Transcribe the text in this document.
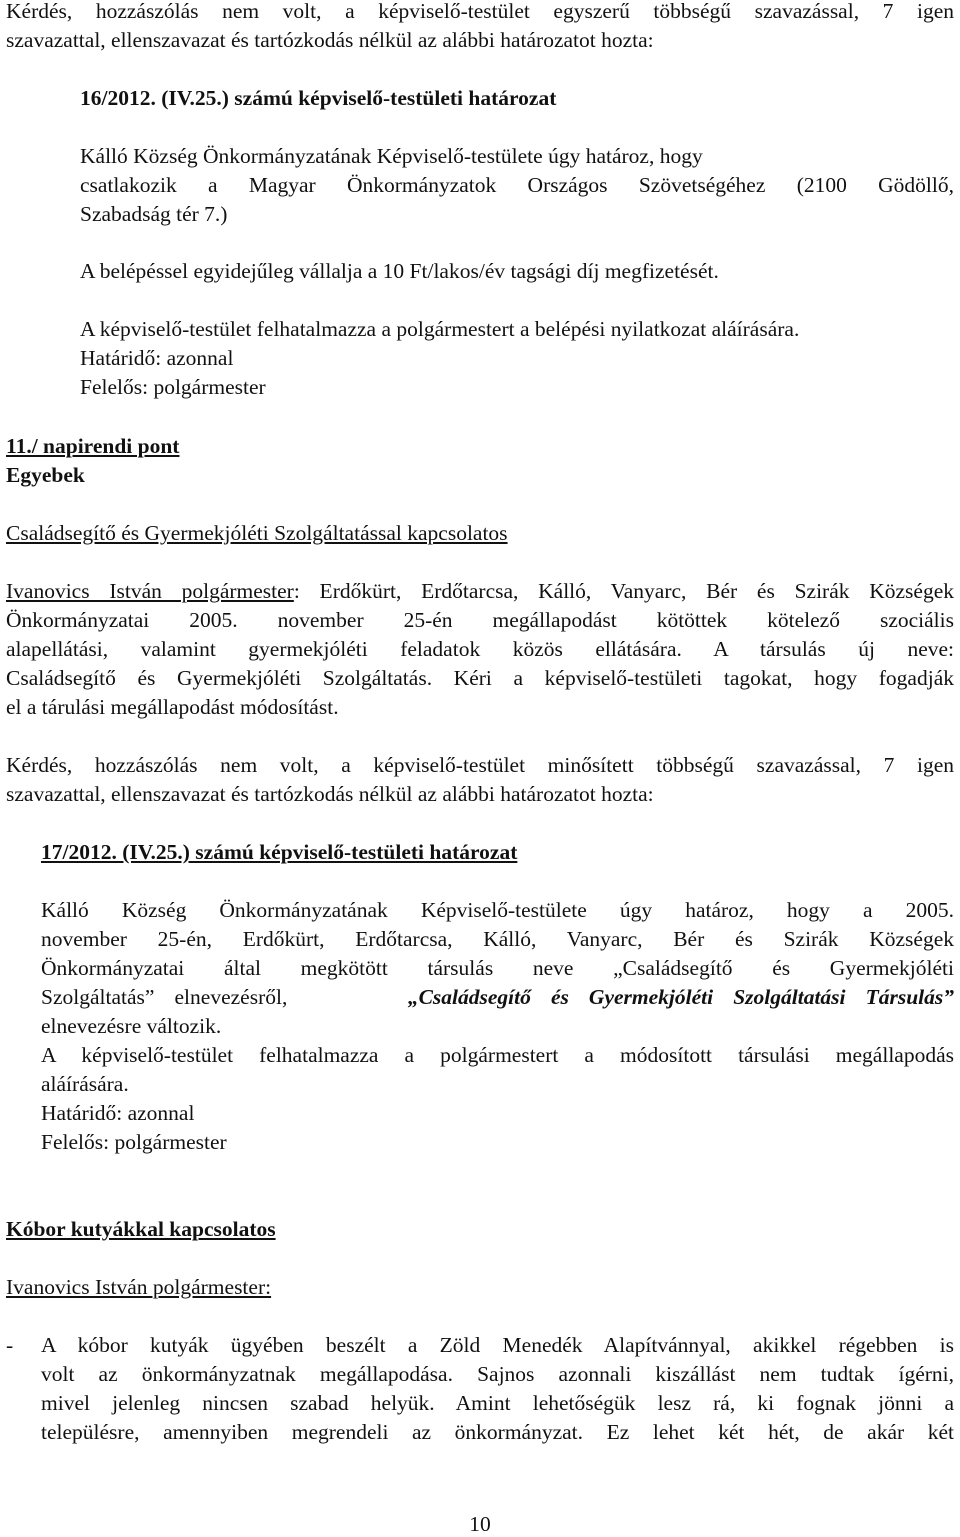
Kérdés, hozzászólás nem volt, a képviselő-testület egyszerű többségű szavazással, 7 igen
szavazattal, ellenszavazat és tartózkodás nélkül az alábbi határozatot hozta:
16/2012. (IV.25.) számú képviselő-testületi határozat
Kálló Község Önkormányzatának Képviselő-testülete úgy határoz, hogy
csatlakozik a Magyar Önkormányzatok Országos Szövetségéhez (2100 Gödöllő,
Szabadság tér 7.)
A belépéssel egyidejűleg vállalja a 10 Ft/lakos/év tagsági díj megfizetését.
A képviselő-testület felhatalmazza a polgármestert a belépési nyilatkozat aláírására.
Határidő: azonnal
Felelős: polgármester
11./ napirendi pont
Egyebek
Családsegítő és Gyermekjóléti Szolgáltatással kapcsolatos
Ivanovics István polgármester: Erdőkürt, Erdőtarcsa, Kálló, Vanyarc, Bér és Szirák Községek
Önkormányzatai 2005. november 25-én megállapodást kötöttek kötelező szociális
alapellátási, valamint gyermekjóléti feladatok közös ellátására. A társulás új neve:
Családsegítő és Gyermekjóléti Szolgáltatás. Kéri a képviselő-testületi tagokat, hogy fogadják
el a tárulási megállapodást módosítást.
Kérdés, hozzászólás nem volt, a képviselő-testület minősített többségű szavazással, 7 igen
szavazattal, ellenszavazat és tartózkodás nélkül az alábbi határozatot hozta:
17/2012. (IV.25.) számú képviselő-testületi határozat
Kálló Község Önkormányzatának Képviselő-testülete úgy határoz, hogy a 2005.
november 25-én, Erdőkürt, Erdőtarcsa, Kálló, Vanyarc, Bér és Szirák Községek
Önkormányzatai által megkötött társulás neve „Családsegítő és Gyermekjóléti
Szolgáltatás” elnevezésről,	„Családsegítő és Gyermekjóléti Szolgáltatási Társulás”
elnevezésre változik.
A képviselő-testület felhatalmazza a polgármestert a módosított társulási megállapodás
aláírására.
Határidő: azonnal
Felelős: polgármester
Kóbor kutyákkal kapcsolatos
Ivanovics István polgármester:
-	A kóbor kutyák ügyében beszélt a Zöld Menedék Alapítvánnyal, akikkel régebben is
volt az önkormányzatnak megállapodása. Sajnos azonnali kiszállást nem tudtak ígérni,
mivel jelenleg nincsen szabad helyük. Amint lehetőségük lesz rá, ki fognak jönni a
településre, amennyiben megrendeli az önkormányzat. Ez lehet két hét, de akár két
10
